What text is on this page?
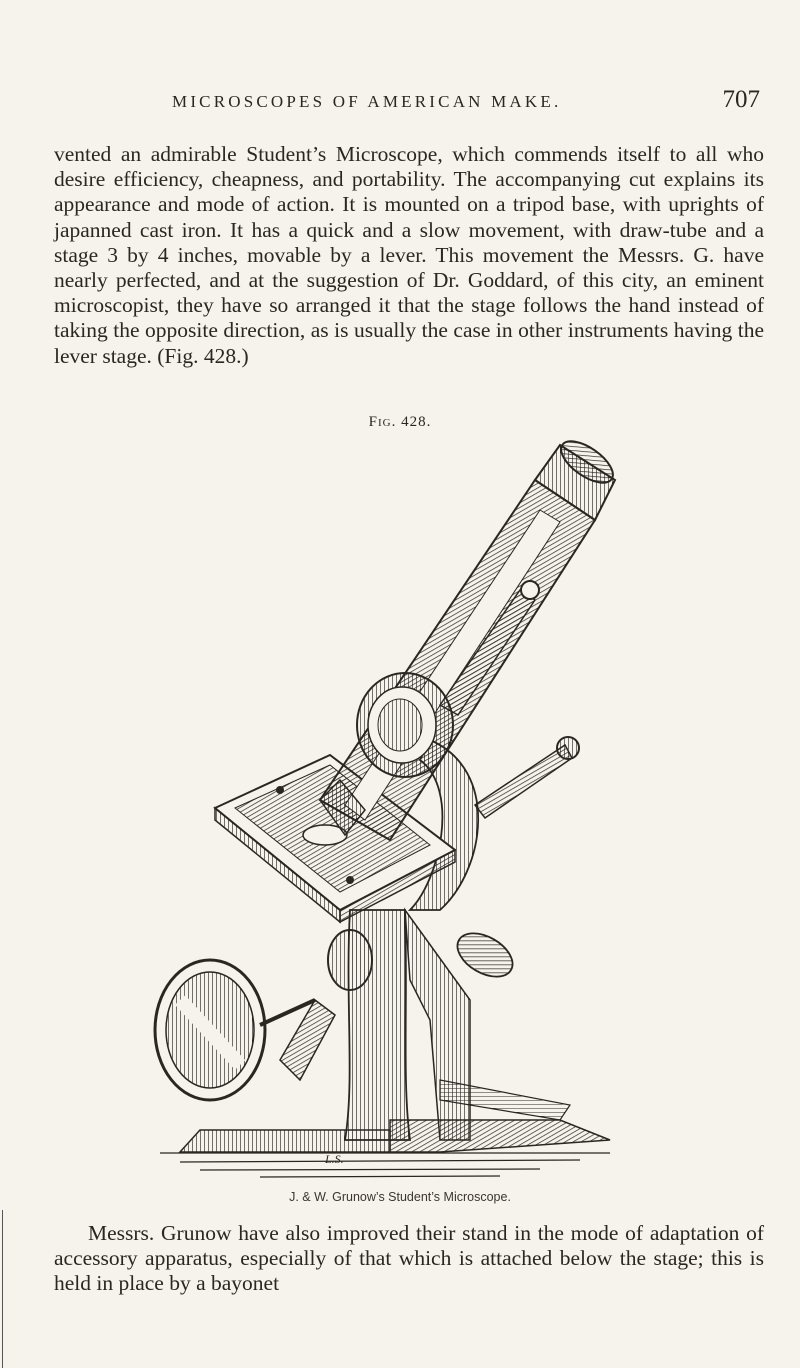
MICROSCOPES OF AMERICAN MAKE.	707

vented an admirable Student’s Microscope, which commends itself to all who desire efficiency, cheapness, and portability. The accompanying cut explains its appearance and mode of action. It is mounted on a tripod base, with uprights of japanned cast iron. It has a quick and a slow movement, with draw-tube and a stage 3 by 4 inches, movable by a lever. This movement the Messrs. G. have nearly perfected, and at the suggestion of Dr. Goddard, of this city, an eminent microscopist, they have so arranged it that the stage follows the hand instead of taking the opposite direction, as is usually the case in other instruments having the lever stage. (Fig. 428.)

Fig. 428.
L.S.
J. & W. Grunow’s Student’s Microscope.

Messrs. Grunow have also improved their stand in the mode of adaptation of accessory apparatus, especially of that which is attached below the stage; this is held in place by a bayonet
